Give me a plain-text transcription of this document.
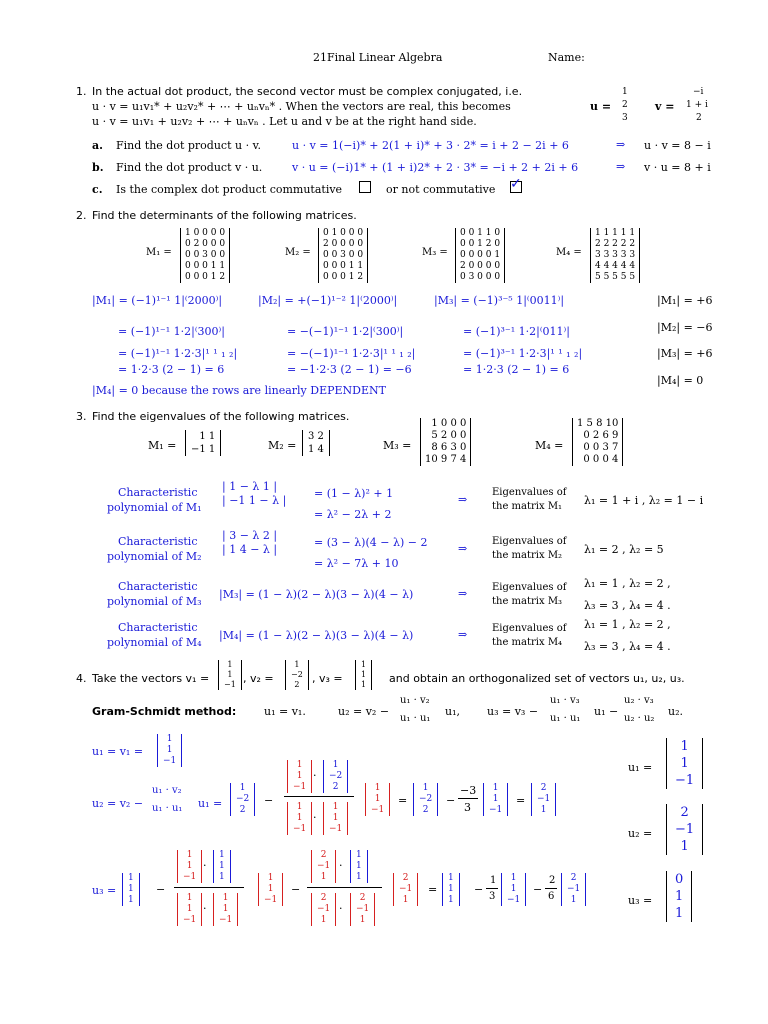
21Final Linear Algebra	Name:
1. In the actual dot product, the second vector must be complex conjugated, i.e.
u · v = u₁v₁* + u₂v₂* + ⋯ + uₙvₙ* . When the vectors are real, this becomes
u · v = u₁v₁ + u₂v₂ + ⋯ + uₙvₙ . Let u and v be at the right hand side.
u =
1
2
3
v =
−i
1 + i
2
a. Find the dot product u · v.	u · v = 1(−i)* + 2(1 + i)* + 3 · 2* = i + 2 − 2i + 6	⇒ u · v = 8 − i
b. Find the dot product v · u.	v · u = (−i)1* + (1 + i)2* + 2 · 3* = −i + 2 + 2i + 6	⇒ v · u = 8 + i
c. Is the complex dot product commutative	or not commutative ✓
2. Find the determinants of the following matrices.
M₁ =
1 0 0 0 0
0 2 0 0 0
0 0 3 0 0
0 0 0 1 1
0 0 0 1 2
M₂ =
0 1 0 0 0
2 0 0 0 0
0 0 3 0 0
0 0 0 1 1
0 0 0 1 2
M₃ =
0 0 1 1 0
0 0 1 2 0
0 0 0 0 1
2 0 0 0 0
0 3 0 0 0
M₄ =
1 1 1 1 1
2 2 2 2 2
3 3 3 3 3
4 4 4 4 4
5 5 5 5 5
|M₁| = (−1)¹⁻¹ 1|⁽2000⁾|
= (−1)¹⁻¹ 1·2|⁽300⁾|
= (−1)¹⁻¹ 1·2·3|¹ ¹ ₁ ₂|
= 1·2·3 (2 − 1) = 6
|M₂| = +(−1)¹⁻² 1|⁽2000⁾|
= −(−1)¹⁻¹ 1·2|⁽300⁾|
= −(−1)¹⁻¹ 1·2·3|¹ ¹ ₁ ₂|
= −1·2·3 (2 − 1) = −6
|M₃| = (−1)³⁻⁵ 1|⁽0011⁾|
= (−1)³⁻¹ 1·2|⁽011⁾|
= (−1)³⁻¹ 1·2·3|¹ ¹ ₁ ₂|
= 1·2·3 (2 − 1) = 6
|M₄| = 0 because the rows are linearly DEPENDENT
|M₁| = +6
|M₂| = −6
|M₃| = +6
|M₄| = 0
3. Find the eigenvalues of the following matrices.
M₁ =
1 1
−1 1	M₂ =
3 2
1 4	M₃ =
1 0 0 0
5 2 0 0
8 6 3 0
10 9 7 4
M₄ =
1 5 8 10
0 2 6 9
0 0 3 7
0 0 0 4
Characteristic
polynomial of M₁
| 1 − λ 1 |
| −1 1 − λ |
= (1 − λ)² + 1
= λ² − 2λ + 2
⇒
Eigenvalues of
the matrix M₁ λ₁ = 1 + i , λ₂ = 1 − i
Characteristic
polynomial of M₂
| 3 − λ 2 |
| 1 4 − λ |
= (3 − λ)(4 − λ) − 2
= λ² − 7λ + 10
⇒
Eigenvalues of
the matrix M₂ λ₁ = 2 , λ₂ = 5
Characteristic
polynomial of M₃
|M₃| = (1 − λ)(2 − λ)(3 − λ)(4 − λ)	⇒ Eigenvalues of
the matrix M₃
λ₁ = 1 , λ₂ = 2 ,
λ₃ = 3 , λ₄ = 4 .
Characteristic
polynomial of M₄
|M₄| = (1 − λ)(2 − λ)(3 − λ)(4 − λ)	⇒ Eigenvalues of
the matrix M₄
λ₁ = 1 , λ₂ = 2 ,
λ₃ = 3 , λ₄ = 4 .
4. Take the vectors v₁ =
1
1
−1 , v₂ =
1
−2
2	, v₃ =
1
1
1 and obtain an orthogonalized set of vectors u₁, u₂, u₃.
Gram-Schmidt method:	u₁ = v₁.	u₂ = v₂ −
u₁ · v₂
u₁ · u₁
u₁, u₃ = v₃ −
u₁ · v₃
u₁ · u₁
u₁ −
u₂ · v₃
u₂ · u₂
u₂.
u₁ = v₁ =
1
1
−1
u₂ = v₂ −
u₁ · v₂
u₁ · u₁ u₁ =
1
−2
2
−
1
1
−1
·
1
−2
2
1
1
−1
·
1
1
−1
1
1
−1
=
1
−2
2
−
−3
3
1
1
−1
=
2
−1
1
u₃ =
1
1
1
−
1
1
−1
·
1
1
1
1
1
−1
·
1
1
−1
1
1
−1
−
2
−1
1
·
1
1
1
2
−1
1
·
2
−1
1
2
−1
1
=
1
1
1
−
1
3
1
1
−1
−
2
6
2
−1
1
u₁ =
1
1
−1
u₂ =
2
−1
1
u₃ =
0
1
1
